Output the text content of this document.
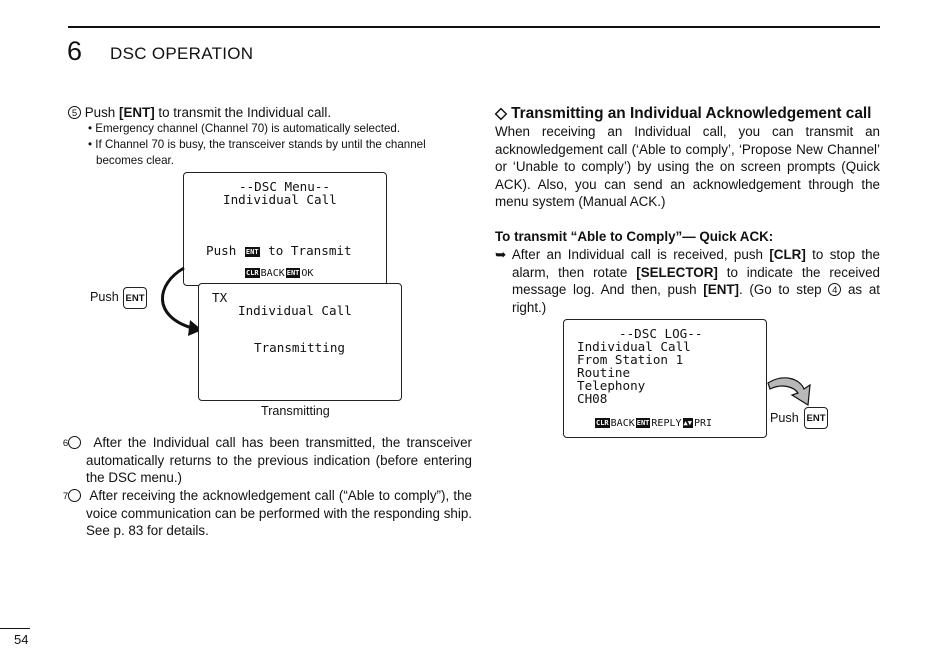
6 DSC OPERATION
5 Push [ENT] to transmit the Individual call.
• Emergency channel (Channel 70) is automatically selected.
• If Channel 70 is busy, the transceiver stands by until the channel becomes clear.
--DSC Menu--
Individual Call
Push ENT to Transmit
CLR BACK ENT OK
TX
Individual Call
Transmitting
Push ENT
Transmitting
6 After the Individual call has been transmitted, the transceiver automatically returns to the previous indication (before entering the DSC menu.)
7 After receiving the acknowledgement call (“Able to comply”), the voice communication can be performed with the responding ship. See p. 83 for details.
◇ Transmitting an Individual Acknowledgement call
When receiving an Individual call, you can transmit an acknowledgement call (‘Able to comply’, ‘Propose New Channel’ or ‘Unable to comply’) by using the on screen prompts (Quick ACK). Also, you can send an acknowledgement through the menu system (Manual ACK.)
To transmit “Able to Comply”— Quick ACK:
➥ After an Individual call is received, push [CLR] to stop the alarm, then rotate [SELECTOR] to indicate the received message log. And then, push [ENT]. (Go to step 4 as at right.)
--DSC LOG--
Individual Call
From Station 1
Routine
Telephony
CH08
CLR BACK ENT REPLY ▲▼ PRI	Push ENT
54
